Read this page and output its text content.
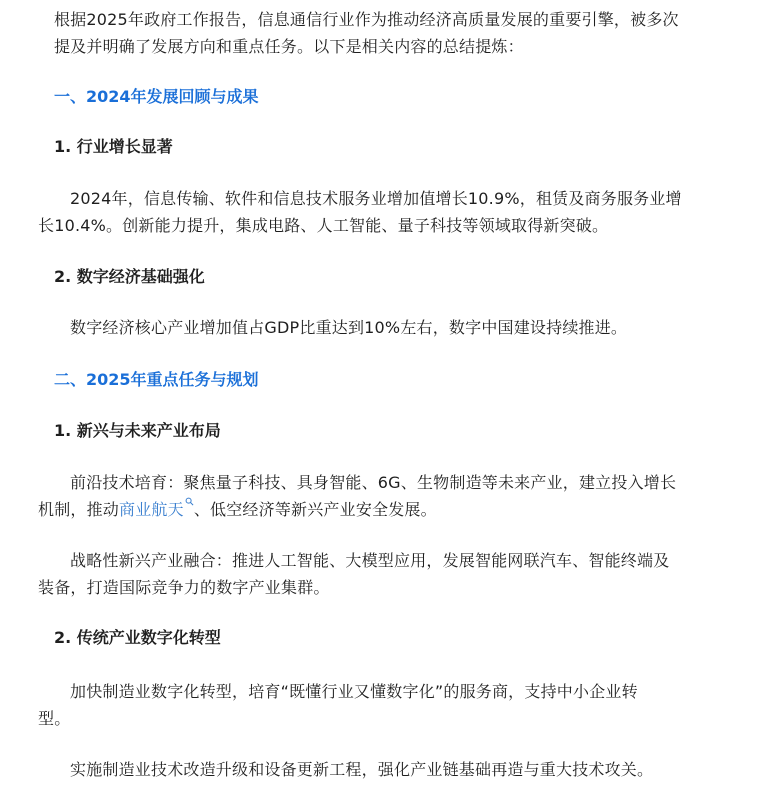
根据2025年政府工作报告，信息通信行业作为推动经济高质量发展的重要引擎，被多次
提及并明确了发展方向和重点任务。以下是相关内容的总结提炼：

一、2024年发展回顾与成果
1. 行业增长显著

2024年，信息传输、软件和信息技术服务业增加值增长10.9%，租赁及商务服务业增
长10.4%。创新能力提升，集成电路、人工智能、量子科技等领域取得新突破。

2. 数字经济基础强化

数字经济核心产业增加值占GDP比重达到10%左右，数字中国建设持续推进。

二、2025年重点任务与规划
1. 新兴与未来产业布局

前沿技术培育：聚焦量子科技、具身智能、6G、生物制造等未来产业，建立投入增长
机制，推动商业航天 、低空经济等新兴产业安全发展。

战略性新兴产业融合：推进人工智能、大模型应用，发展智能网联汽车、智能终端及
装备，打造国际竞争力的数字产业集群。

2. 传统产业数字化转型

加快制造业数字化转型，培育“既懂行业又懂数字化”的服务商，支持中小企业转
型。

实施制造业技术改造升级和设备更新工程，强化产业链基础再造与重大技术攻关。
